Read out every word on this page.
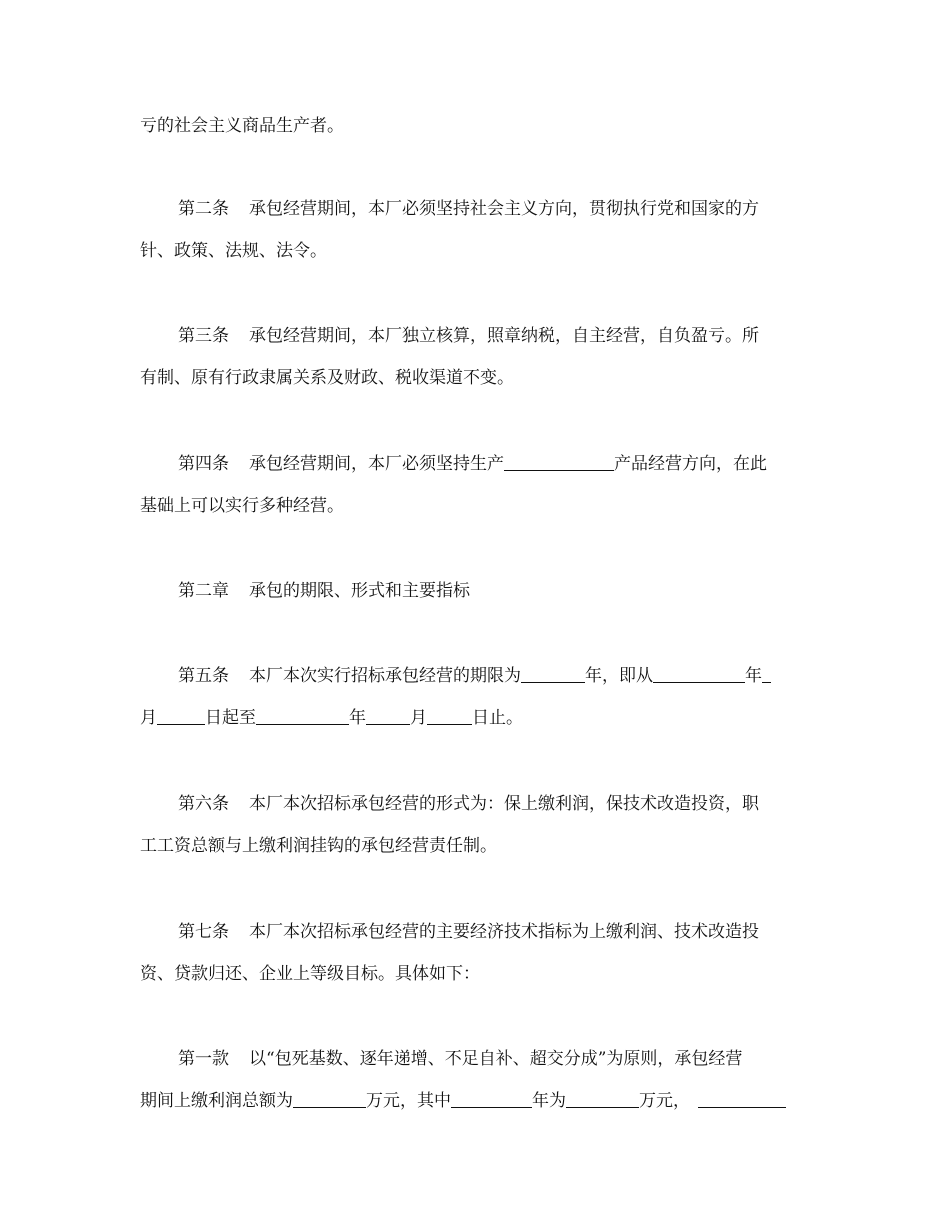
亏的社会主义商品生产者。
第二条 承包经营期间，本厂必须坚持社会主义方向，贯彻执行党和国家的方
针、政策、法规、法令。
第三条 承包经营期间，本厂独立核算，照章纳税，自主经营，自负盈亏。所
有制、原有行政隶属关系及财政、税收渠道不变。
第四条 承包经营期间，本厂必须坚持生产	产品经营方向，在此
基础上可以实行多种经营。
第二章 承包的期限、形式和主要指标
第五条 本厂本次实行招标承包经营的期限为	年，即从	年
月	日起至	年	月	日止。
第六条 本厂本次招标承包经营的形式为：保上缴利润，保技术改造投资，职
工工资总额与上缴利润挂钩的承包经营责任制。
第七条 本厂本次招标承包经营的主要经济技术指标为上缴利润、技术改造投
资、贷款归还、企业上等级目标。具体如下：
第一款 以“包死基数、逐年递增、不足自补、超交分成”为原则，承包经营
期间上缴利润总额为	万元，其中	年为	万元，
